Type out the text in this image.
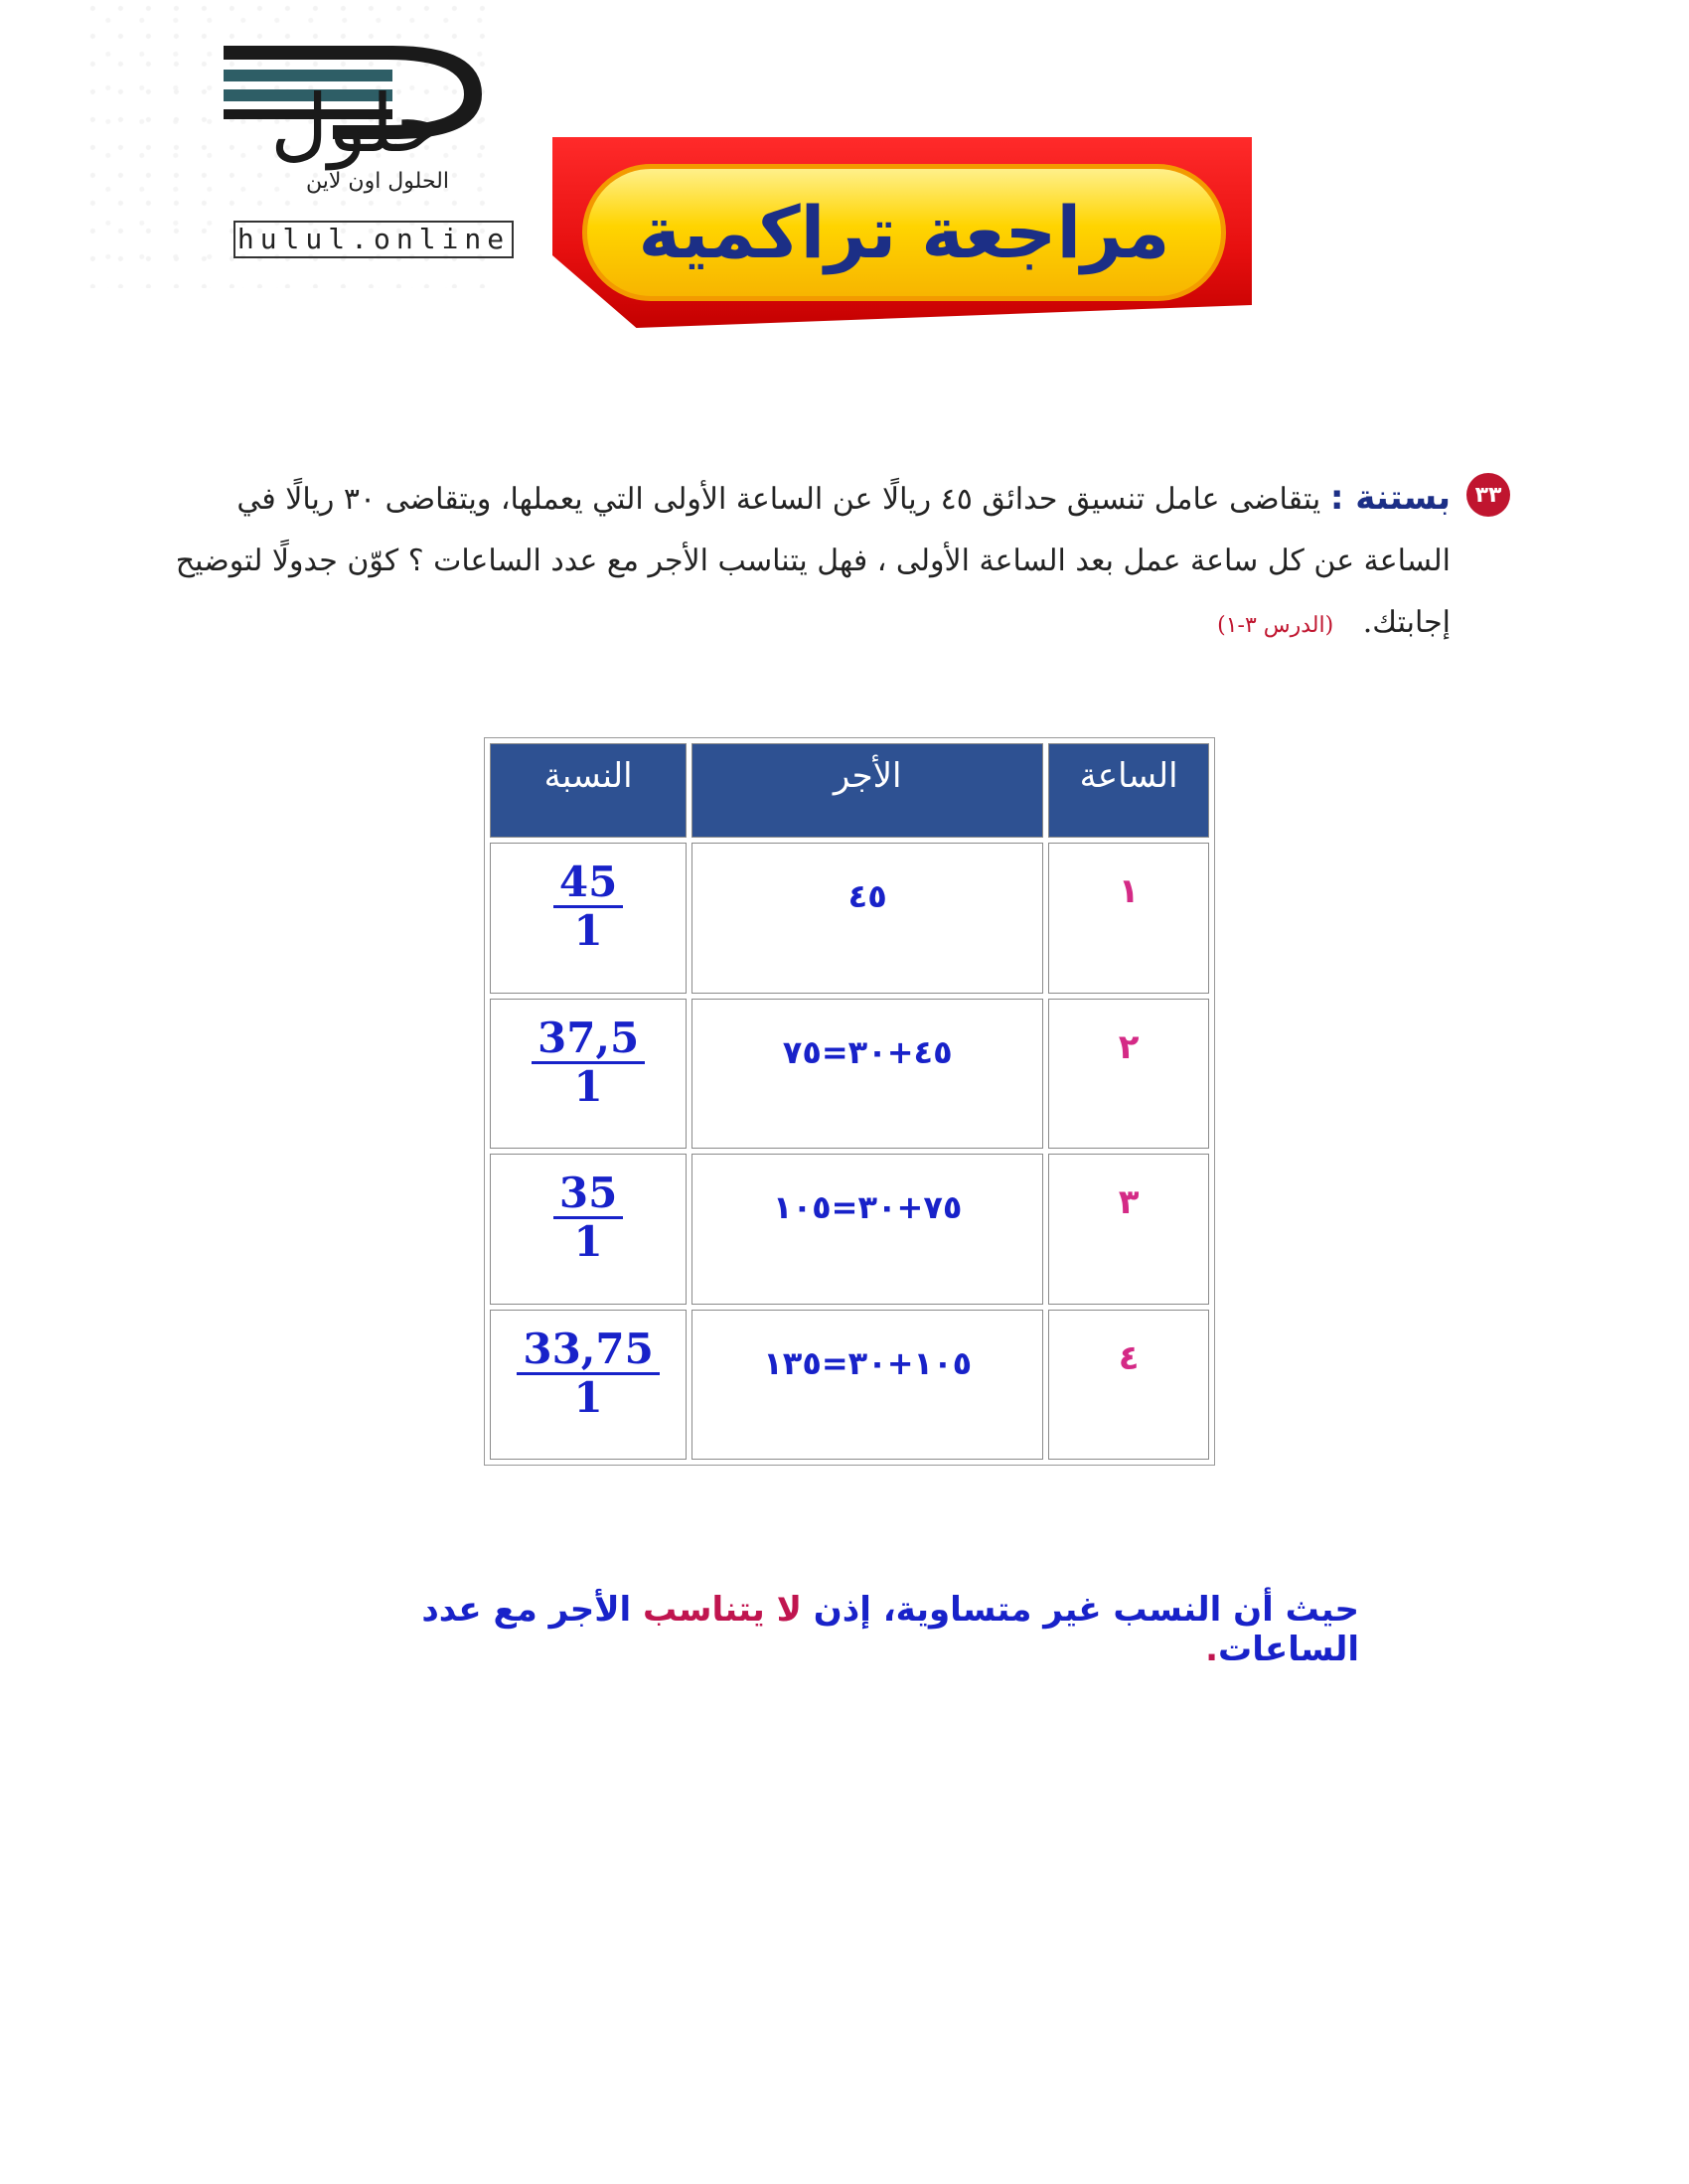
حلول
الحلول اون لاين
hulul.online مراجعة تراكمية
٣٣
بستنة : يتقاضى عامل تنسيق حدائق ٤٥ ريالًا عن الساعة الأولى التي يعملها، ويتقاضى ٣٠ ريالًا في الساعة عن كل ساعة عمل بعد الساعة الأولى ، فهل يتناسب الأجر مع عدد الساعات ؟ كوّن جدولًا لتوضيح إجابتك. (الدرس ٣-١)
الساعة	الأجر	النسبة
١	٤٥	$\frac{45}{1}$

٢	٤٥+٣٠=٧٥	$\frac{37,5}{1}$

٣	٧٥+٣٠=١٠٥	$\frac{35}{1}$

٤	١٠٥+٣٠=١٣٥	$\frac{33,75}{1}$
حيث أن النسب غير متساوية، إذن لا يتناسب الأجر مع عدد الساعات.
